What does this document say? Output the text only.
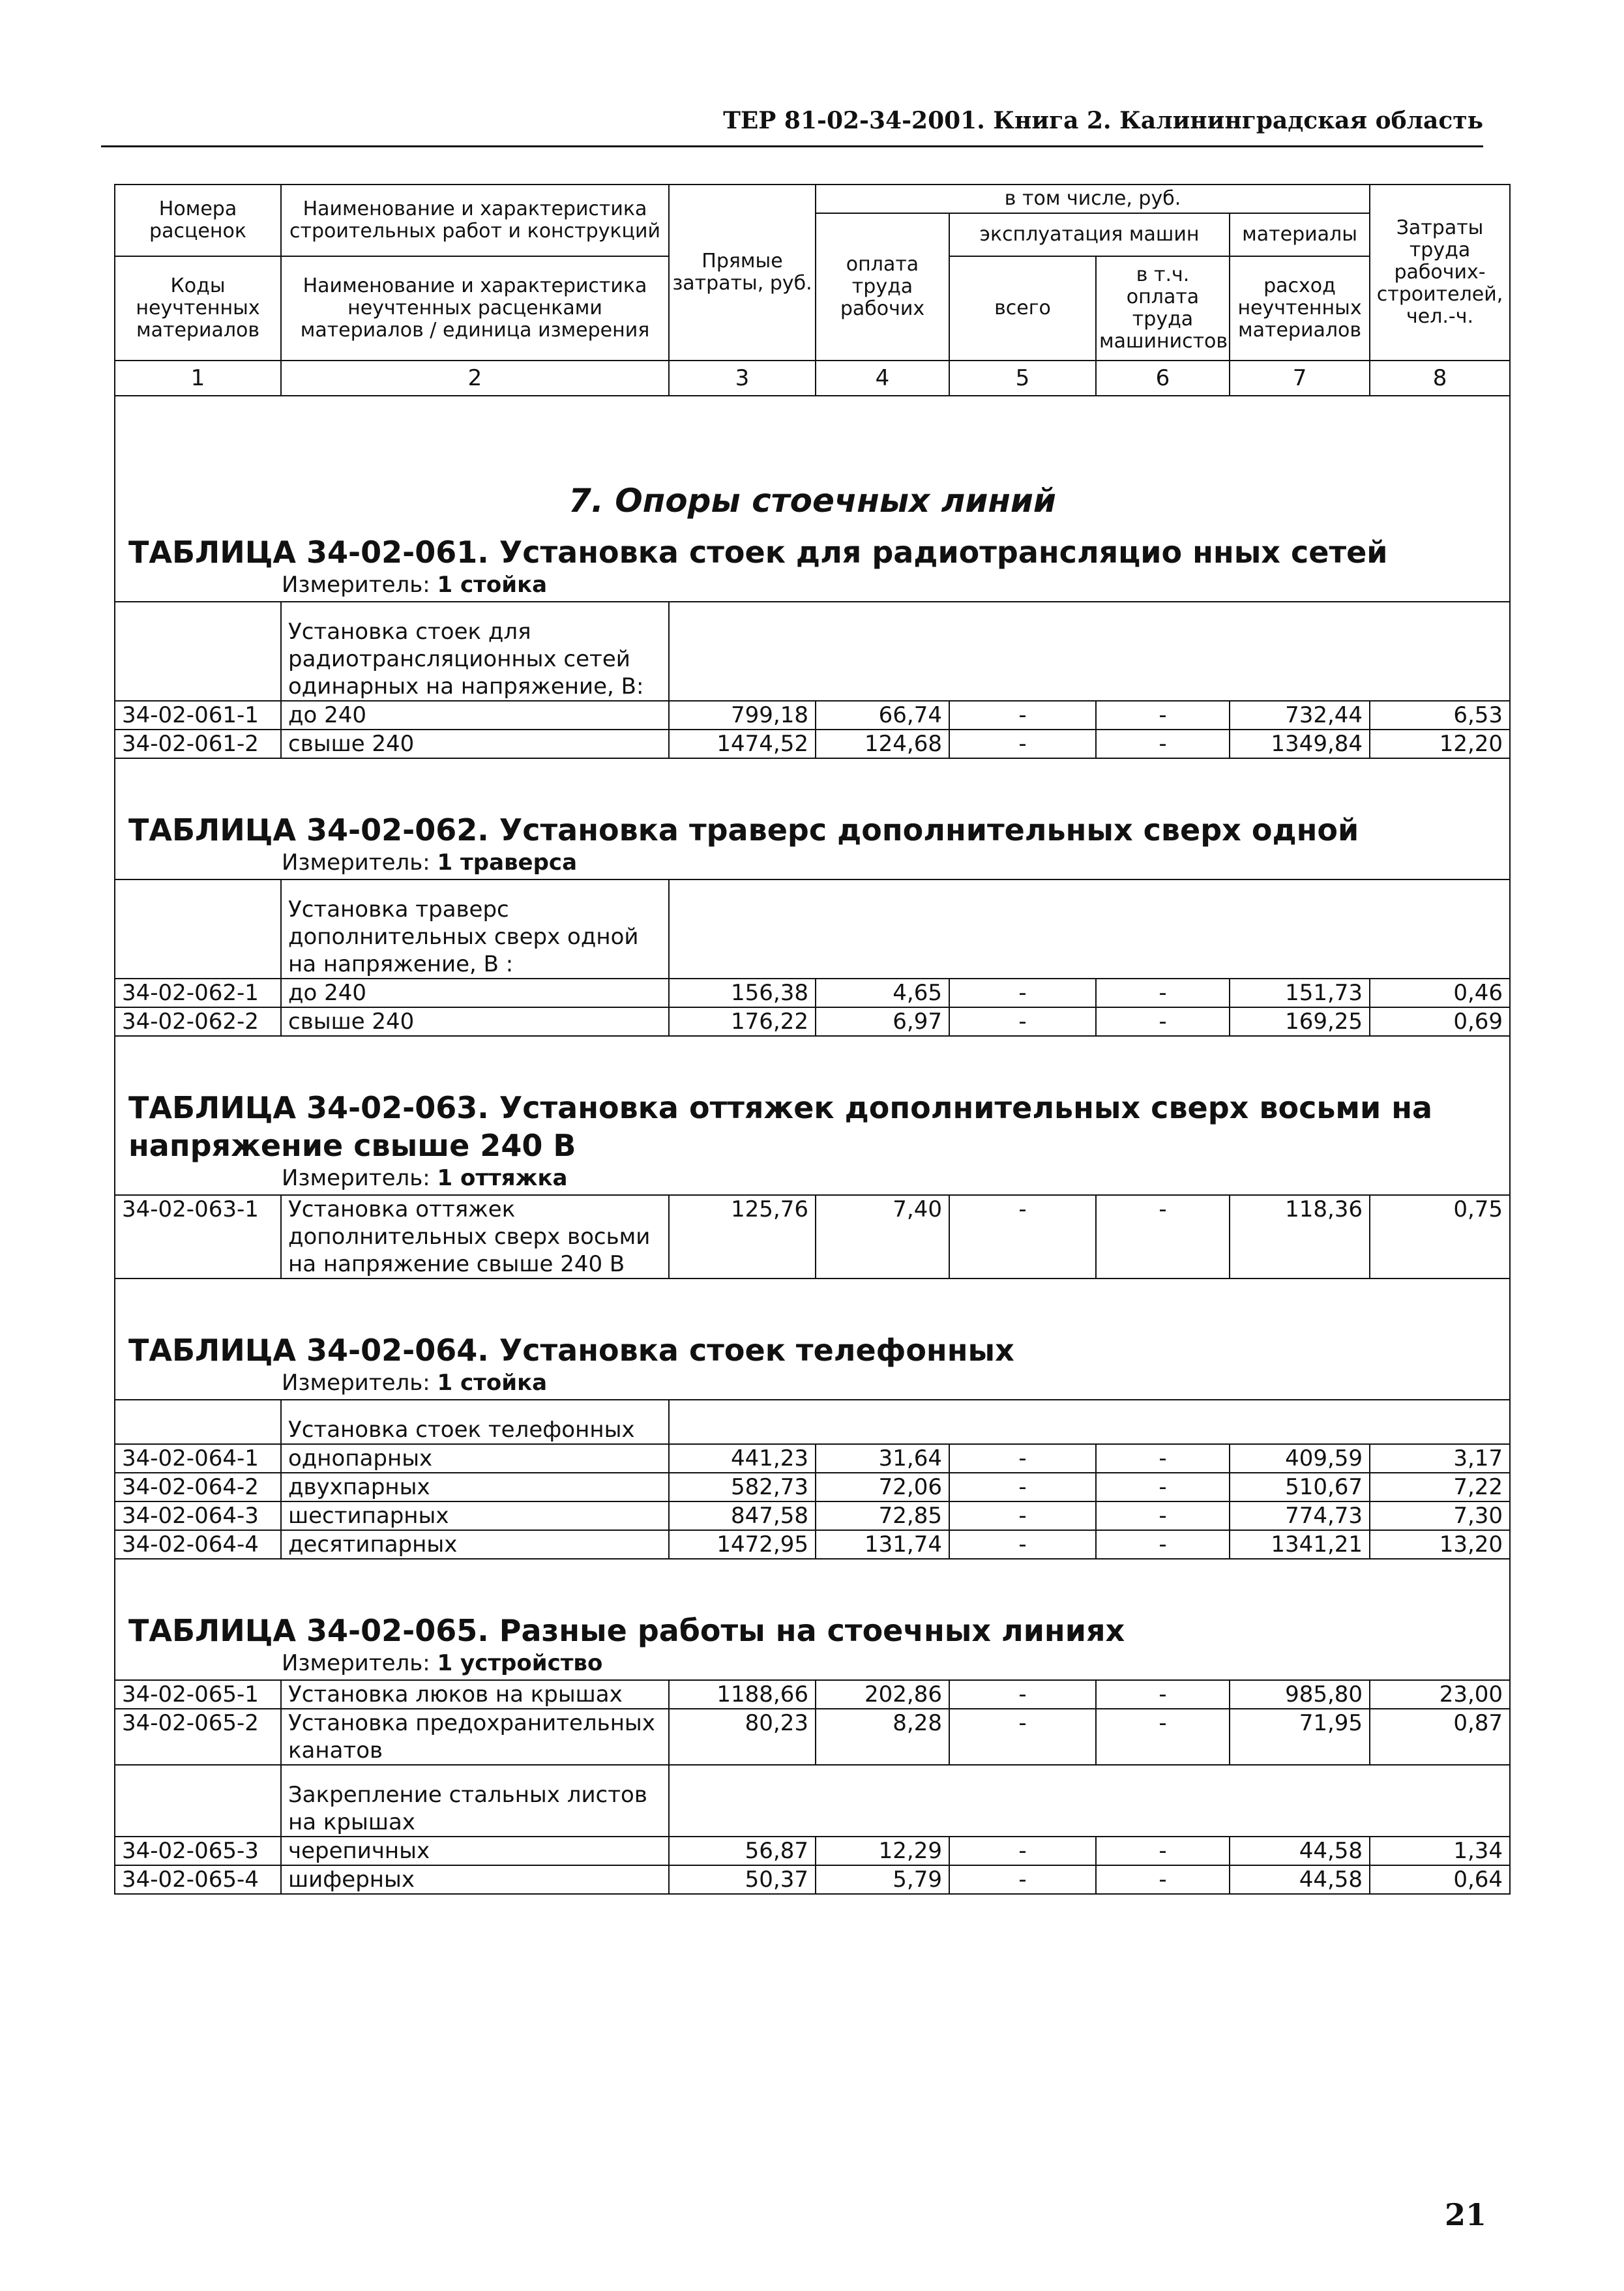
ТЕР 81-02-34-2001. Книга 2. Калининградская область
Номера расценок	Наименование и характеристика строительных работ и конструкций	Прямые затраты, руб.	в том числе, руб.				Затраты труда рабочих-строителей, чел.-ч.
			оплата труда рабочих	эксплуатация машин		материалы	
Коды неучтенных материалов	Наименование и характеристика неучтенных расценками материалов / единица измерения			всего	в т.ч. оплата труда машинистов	расход неучтенных материалов	

1	2	3	4	5	6	7	8

7. Опоры стоечных линий							

ТАБЛИЦА 34-02-061. Установка стоек для радиотрансляцио нных сетей
Измеритель: 1 стойка							

	Установка стоек для радиотрансляционных сетей одинарных на напряжение, В:						
34-02-061-1	до 240	799,18	66,74	-	-	732,44	6,53
34-02-061-2	свыше 240	1474,52	124,68	-	-	1349,84	12,20

ТАБЛИЦА 34-02-062. Установка траверс дополнительных сверх одной
Измеритель: 1 траверса							

	Установка траверс дополнительных сверх одной на напряжение, В :						
34-02-062-1	до 240	156,38	4,65	-	-	151,73	0,46
34-02-062-2	свыше 240	176,22	6,97	-	-	169,25	0,69

ТАБЛИЦА 34-02-063. Установка оттяжек дополнительных сверх восьми на напряжение свыше 240 В
Измеритель: 1 оттяжка							

34-02-063-1	Установка оттяжек дополнительных сверх восьми на напряжение свыше 240 В	125,76	7,40	-	-	118,36	0,75

ТАБЛИЦА 34-02-064. Установка стоек телефонных
Измеритель: 1 стойка							

	Установка стоек телефонных						
34-02-064-1	однопарных	441,23	31,64	-	-	409,59	3,17
34-02-064-2	двухпарных	582,73	72,06	-	-	510,67	7,22
34-02-064-3	шестипарных	847,58	72,85	-	-	774,73	7,30
34-02-064-4	десятипарных	1472,95	131,74	-	-	1341,21	13,20

ТАБЛИЦА 34-02-065. Разные работы на стоечных линиях
Измеритель: 1 устройство							

34-02-065-1	Установка люков на крышах	1188,66	202,86	-	-	985,80	23,00
34-02-065-2	Установка предохранительных канатов	80,23	8,28	-	-	71,95	0,87
	Закрепление стальных листов на крышах						
34-02-065-3	черепичных	56,87	12,29	-	-	44,58	1,34
34-02-065-4	шиферных	50,37	5,79	-	-	44,58	0,64
21
